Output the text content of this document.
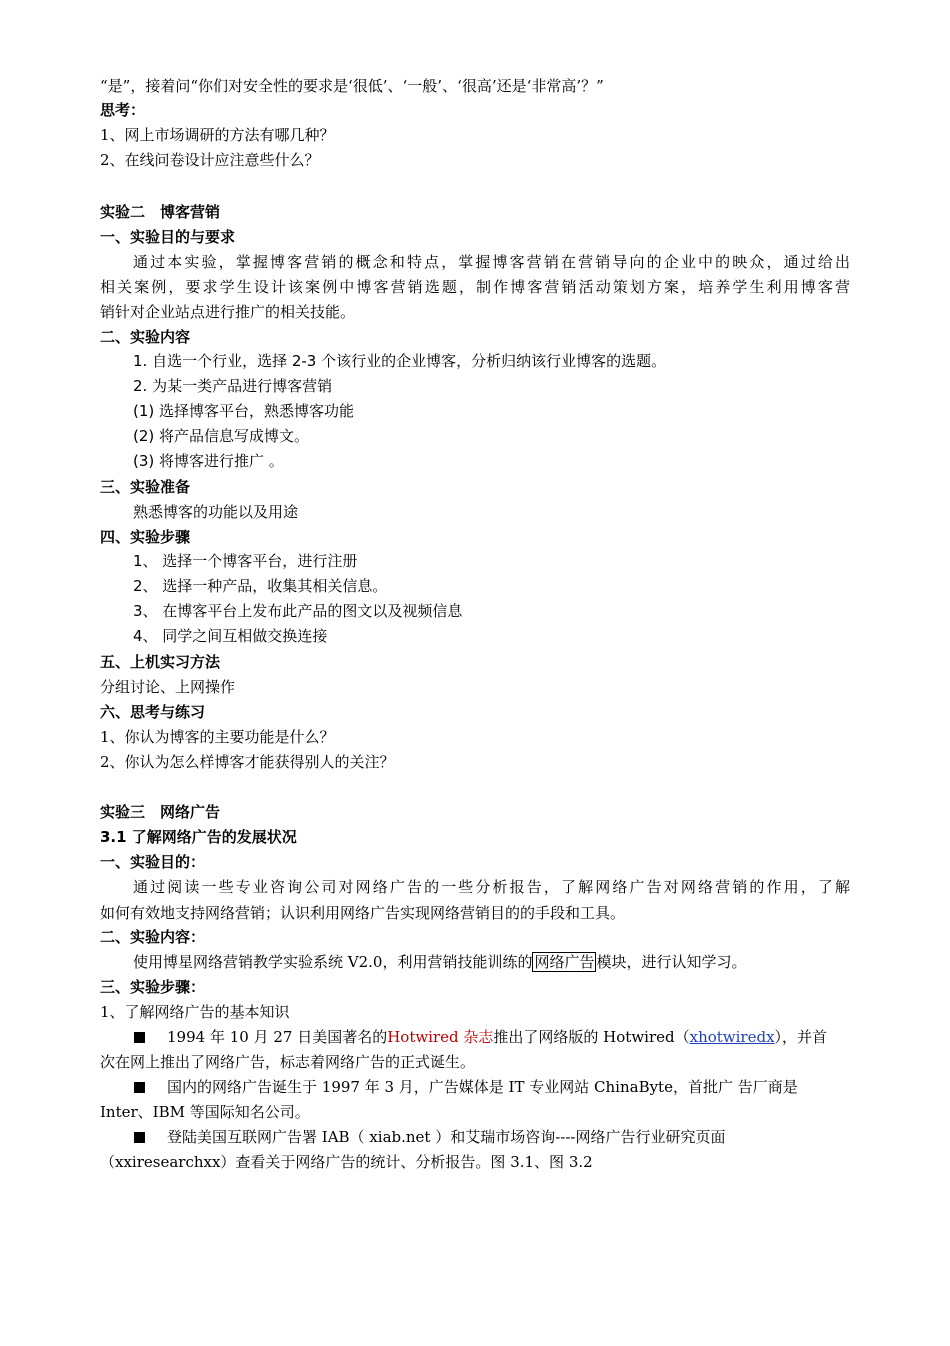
“是”，接着问“你们对安全性的要求是‘很低’、‘一般’、‘很高’还是‘非常高’？”
思考：
1、网上市场调研的方法有哪几种？
2、在线问卷设计应注意些什么？
实验二　博客营销
一、实验目的与要求
通过本实验，掌握博客营销的概念和特点，掌握博客营销在营销导向的企业中的映众，通过给出
相关案例，要求学生设计该案例中博客营销选题，制作博客营销活动策划方案，培养学生利用博客营
销针对企业站点进行推广的相关技能。
二、实验内容
1. 自选一个行业，选择 2-3 个该行业的企业博客，分析归纳该行业博客的选题。
2. 为某一类产品进行博客营销
(1) 选择博客平台，熟悉博客功能
(2) 将产品信息写成博文。
(3) 将博客进行推广 。
三、实验准备
熟悉博客的功能以及用途
四、实验步骤
1、 选择一个博客平台，进行注册
2、 选择一种产品，收集其相关信息。
3、 在博客平台上发布此产品的图文以及视频信息
4、 同学之间互相做交换连接
五、上机实习方法
分组讨论、上网操作
六、思考与练习
1、你认为博客的主要功能是什么？
2、你认为怎么样博客才能获得别人的关注？
实验三　网络广告
3.1 了解网络广告的发展状况
一、实验目的：
通过阅读一些专业咨询公司对网络广告的一些分析报告，了解网络广告对网络营销的作用，了解
如何有效地支持网络营销；认识利用网络广告实现网络营销目的的手段和工具。
二、实验内容：
使用博星网络营销教学实验系统 V2.0，利用营销技能训练的 网络广告 模块，进行认知学习。
三、实验步骤：
1、了解网络广告的基本知识
1994 年 10 月 27 日美国著名的Hotwired 杂志推出了网络版的 Hotwired（xhotwiredx），并首
次在网上推出了网络广告，标志着网络广告的正式诞生。
国内的网络广告诞生于 1997 年 3 月，广告媒体是 IT 专业网站 ChinaByte，首批广 告厂商是
Inter、IBM 等国际知名公司。
登陆美国互联网广告署 IAB（ xiab.net ）和艾瑞市场咨询----网络广告行业研究页面
（xxiresearchxx）查看关于网络广告的统计、分析报告。图 3.1、图 3.2
